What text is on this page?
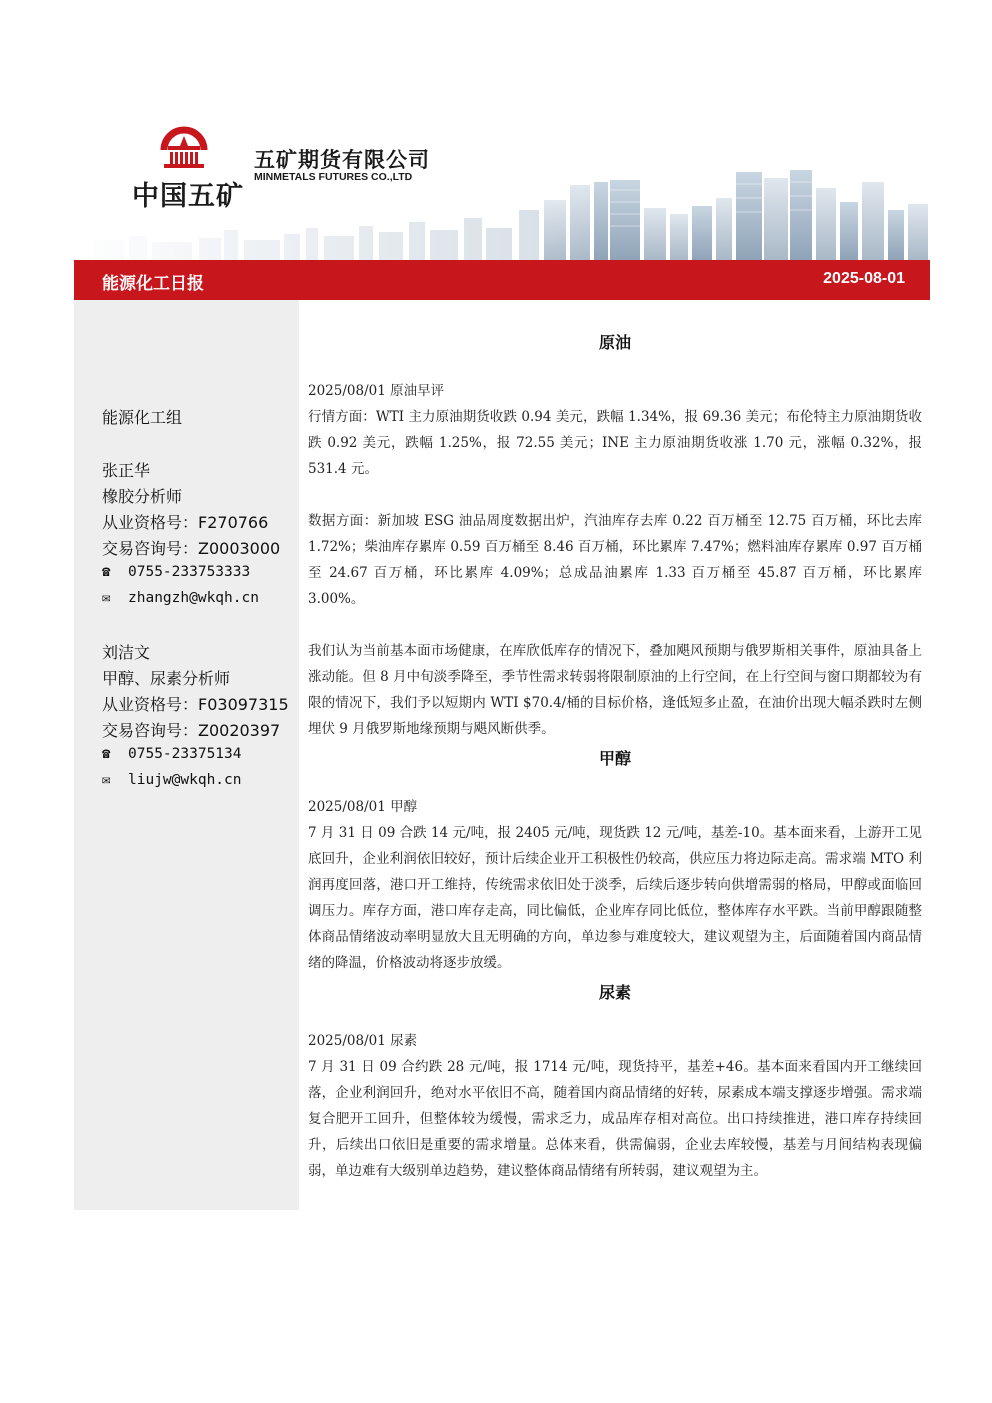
中国五矿
五矿期货有限公司
MINMETALS FUTURES CO.,LTD
能源化工日报	2025-08-01
能源化工组
张正华
橡胶分析师
从业资格号：F270766
交易咨询号：Z0003000
☎ 0755-233753333
✉ zhangzh@wkqh.cn
刘洁文
甲醇、尿素分析师
从业资格号：F03097315
交易咨询号：Z0020397
☎ 0755-23375134
✉ liujw@wkqh.cn
原油
2025/08/01 原油早评
行情方面：WTI 主力原油期货收跌 0.94 美元，跌幅 1.34%，报 69.36 美元；布伦特主力原油期货收跌 0.92 美元，跌幅 1.25%，报 72.55 美元；INE 主力原油期货收涨 1.70 元，涨幅 0.32%，报 531.4 元。
数据方面：新加坡 ESG 油品周度数据出炉，汽油库存去库 0.22 百万桶至 12.75 百万桶，环比去库 1.72%；柴油库存累库 0.59 百万桶至 8.46 百万桶，环比累库 7.47%；燃料油库存累库 0.97 百万桶至 24.67 百万桶，环比累库 4.09%；总成品油累库 1.33 百万桶至 45.87 百万桶，环比累库 3.00%。
我们认为当前基本面市场健康，在库欣低库存的情况下，叠加飓风预期与俄罗斯相关事件，原油具备上涨动能。但 8 月中旬淡季降至，季节性需求转弱将限制原油的上行空间，在上行空间与窗口期都较为有限的情况下，我们予以短期内 WTI $70.4/桶的目标价格，逢低短多止盈，在油价出现大幅杀跌时左侧埋伏 9 月俄罗斯地缘预期与飓风断供季。
甲醇
2025/08/01 甲醇
7 月 31 日 09 合跌 14 元/吨，报 2405 元/吨，现货跌 12 元/吨，基差-10。基本面来看，上游开工见底回升，企业利润依旧较好，预计后续企业开工积极性仍较高，供应压力将边际走高。需求端 MTO 利润再度回落，港口开工维持，传统需求依旧处于淡季，后续后逐步转向供增需弱的格局，甲醇或面临回调压力。库存方面，港口库存走高，同比偏低，企业库存同比低位，整体库存水平跌。当前甲醇跟随整体商品情绪波动率明显放大且无明确的方向，单边参与难度较大，建议观望为主，后面随着国内商品情绪的降温，价格波动将逐步放缓。
尿素
2025/08/01 尿素
7 月 31 日 09 合约跌 28 元/吨，报 1714 元/吨，现货持平，基差+46。基本面来看国内开工继续回落，企业利润回升，绝对水平依旧不高，随着国内商品情绪的好转，尿素成本端支撑逐步增强。需求端复合肥开工回升，但整体较为缓慢，需求乏力，成品库存相对高位。出口持续推进，港口库存持续回升，后续出口依旧是重要的需求增量。总体来看，供需偏弱，企业去库较慢，基差与月间结构表现偏弱，单边难有大级别单边趋势，建议整体商品情绪有所转弱，建议观望为主。
